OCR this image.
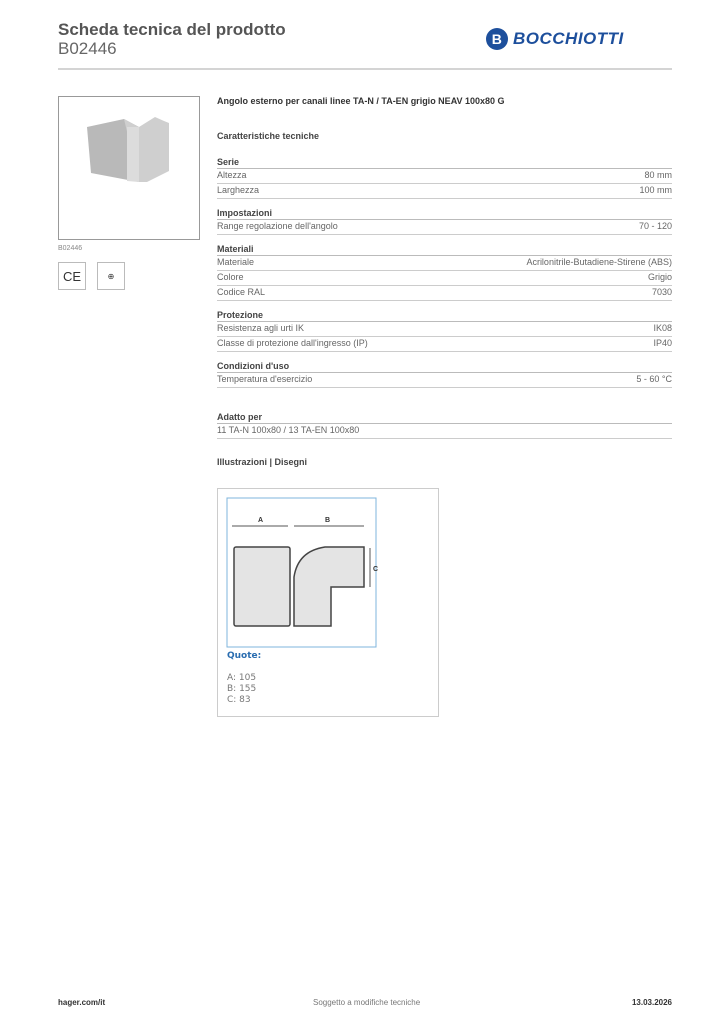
Scheda tecnica del prodotto
B02446	B BOCCHIOTTI
B02446
CE	⊕
Angolo esterno per canali linee TA-N / TA-EN grigio NEAV 100x80 G
Caratteristiche tecniche
Serie
Altezza	80 mm
Larghezza	100 mm
Impostazioni
Range regolazione dell'angolo	70 - 120
Materiali
Materiale	Acrilonitrile-Butadiene-Stirene (ABS)
Colore	Grigio
Codice RAL	7030
Protezione
Resistenza agli urti IK	IK08
Classe di protezione dall'ingresso (IP)	IP40
Condizioni d'uso
Temperatura d'esercizio	5 - 60 °C
Adatto per
11 TA-N 100x80 / 13 TA-EN 100x80
Illustrazioni | Disegni
A	B
C
Quote:
A: 105
B: 155
C: 83
hager.com/it	Soggetto a modifiche tecniche	13.03.2026
